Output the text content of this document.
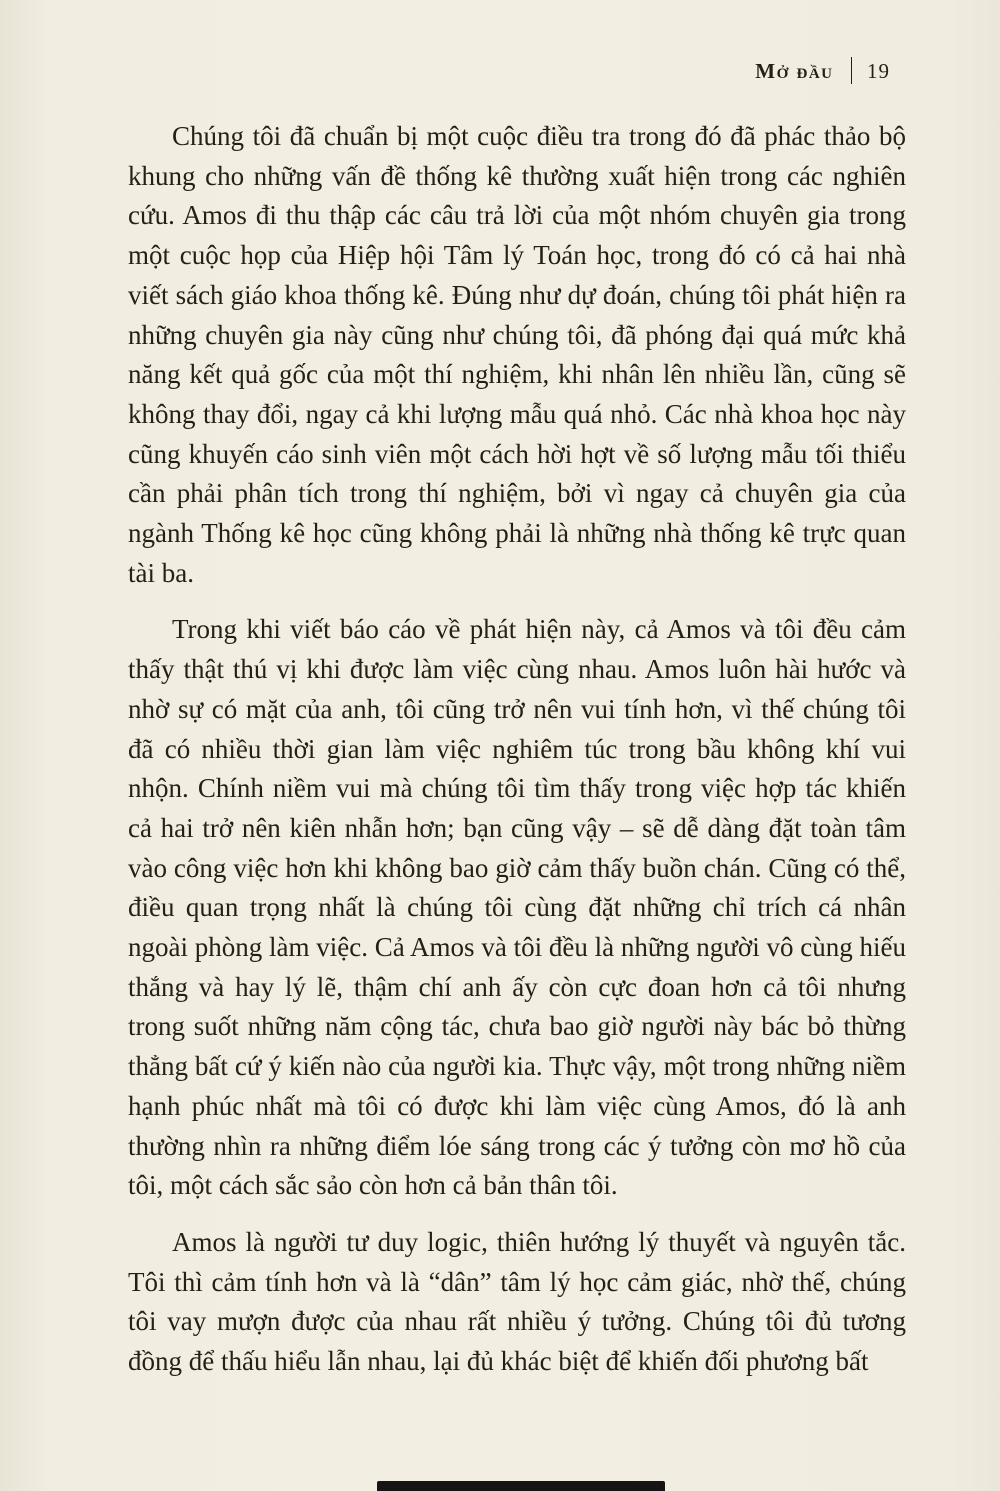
Mở đầu 19

Chúng tôi đã chuẩn bị một cuộc điều tra trong đó đã phác thảo bộ khung cho những vấn đề thống kê thường xuất hiện trong các nghiên cứu. Amos đi thu thập các câu trả lời của một nhóm chuyên gia trong một cuộc họp của Hiệp hội Tâm lý Toán học, trong đó có cả hai nhà viết sách giáo khoa thống kê. Đúng như dự đoán, chúng tôi phát hiện ra những chuyên gia này cũng như chúng tôi, đã phóng đại quá mức khả năng kết quả gốc của một thí nghiệm, khi nhân lên nhiều lần, cũng sẽ không thay đổi, ngay cả khi lượng mẫu quá nhỏ. Các nhà khoa học này cũng khuyến cáo sinh viên một cách hời hợt về số lượng mẫu tối thiểu cần phải phân tích trong thí nghiệm, bởi vì ngay cả chuyên gia của ngành Thống kê học cũng không phải là những nhà thống kê trực quan tài ba.

Trong khi viết báo cáo về phát hiện này, cả Amos và tôi đều cảm thấy thật thú vị khi được làm việc cùng nhau. Amos luôn hài hước và nhờ sự có mặt của anh, tôi cũng trở nên vui tính hơn, vì thế chúng tôi đã có nhiều thời gian làm việc nghiêm túc trong bầu không khí vui nhộn. Chính niềm vui mà chúng tôi tìm thấy trong việc hợp tác khiến cả hai trở nên kiên nhẫn hơn; bạn cũng vậy – sẽ dễ dàng đặt toàn tâm vào công việc hơn khi không bao giờ cảm thấy buồn chán. Cũng có thể, điều quan trọng nhất là chúng tôi cùng đặt những chỉ trích cá nhân ngoài phòng làm việc. Cả Amos và tôi đều là những người vô cùng hiếu thắng và hay lý lẽ, thậm chí anh ấy còn cực đoan hơn cả tôi nhưng trong suốt những năm cộng tác, chưa bao giờ người này bác bỏ thừng thẳng bất cứ ý kiến nào của người kia. Thực vậy, một trong những niềm hạnh phúc nhất mà tôi có được khi làm việc cùng Amos, đó là anh thường nhìn ra những điểm lóe sáng trong các ý tưởng còn mơ hồ của tôi, một cách sắc sảo còn hơn cả bản thân tôi.

Amos là người tư duy logic, thiên hướng lý thuyết và nguyên tắc. Tôi thì cảm tính hơn và là “dân” tâm lý học cảm giác, nhờ thế, chúng tôi vay mượn được của nhau rất nhiều ý tưởng. Chúng tôi đủ tương đồng để thấu hiểu lẫn nhau, lại đủ khác biệt để khiến đối phương bất
